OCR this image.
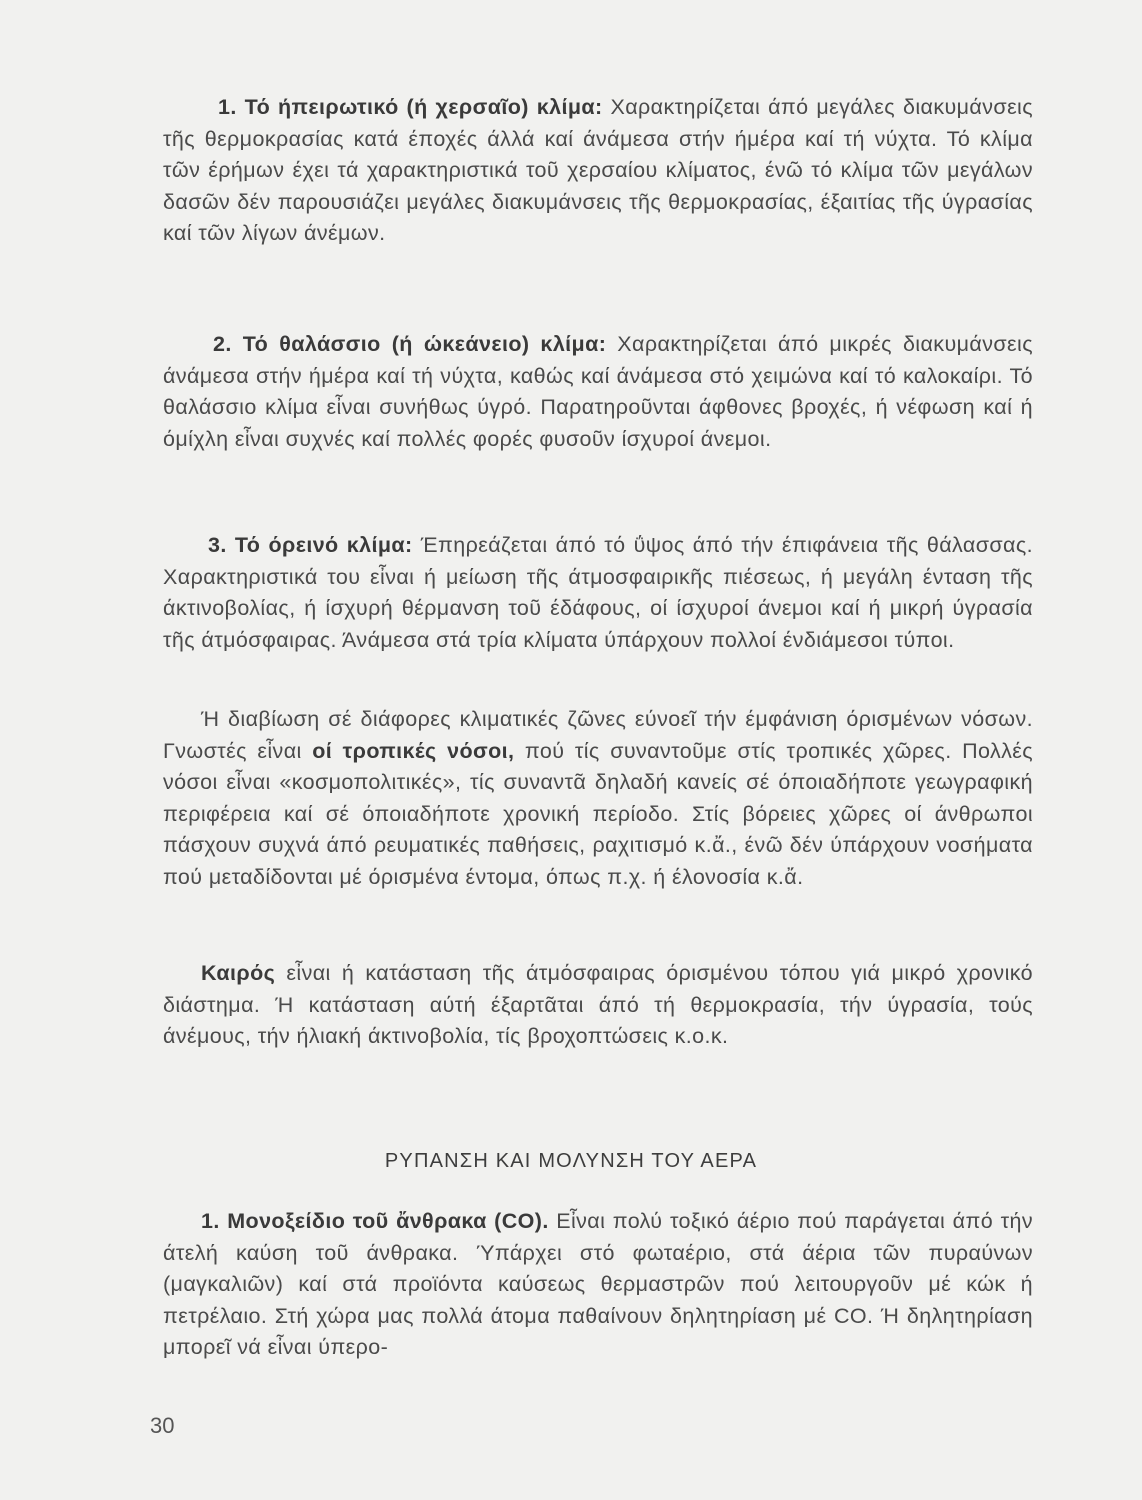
1. Τό ήπειρωτικό (ή χερσαῖο) κλίμα: Χαρακτηρίζεται άπό μεγάλες διακυμάνσεις τῆς θερμοκρασίας κατά έποχές άλλά καί άνάμεσα στήν ήμέρα καί τή νύχτα. Τό κλίμα τῶν έρήμων έχει τά χαρακτηριστικά τοῦ χερσαίου κλίματος, ένῶ τό κλίμα τῶν μεγάλων δασῶν δέν παρουσιάζει μεγάλες διακυμάνσεις τῆς θερμοκρασίας, έξαιτίας τῆς ύγρασίας καί τῶν λίγων άνέμων.

2. Τό θαλάσσιο (ή ώκεάνειο) κλίμα: Χαρακτηρίζεται άπό μικρές διακυμάνσεις άνάμεσα στήν ήμέρα καί τή νύχτα, καθώς καί άνάμεσα στό χειμώνα καί τό καλοκαίρι. Τό θαλάσσιο κλίμα εἶναι συνήθως ύγρό. Παρατηροῦνται άφθονες βροχές, ή νέφωση καί ή όμίχλη εἶναι συχνές καί πολλές φορές φυσοῦν ίσχυροί άνεμοι.

3. Τό όρεινό κλίμα: Έπηρεάζεται άπό τό ΰψος άπό τήν έπιφάνεια τῆς θάλασσας. Χαρακτηριστικά του εἶναι ή μείωση τῆς άτμοσφαιρικῆς πιέσεως, ή μεγάλη ένταση τῆς άκτινοβολίας, ή ίσχυρή θέρμανση τοῦ έδάφους, οί ίσχυροί άνεμοι καί ή μικρή ύγρασία τῆς άτμόσφαιρας. Άνάμεσα στά τρία κλίματα ύπάρχουν πολλοί ένδιάμεσοι τύποι.

Ή διαβίωση σέ διάφορες κλιματικές ζῶνες εύνοεῖ τήν έμφάνιση όρισμένων νόσων. Γνωστές εἶναι οί τροπικές νόσοι, πού τίς συναντοῦμε στίς τροπικές χῶρες. Πολλές νόσοι εἶναι «κοσμοπολιτικές», τίς συναντᾶ δηλαδή κανείς σέ όποιαδήποτε γεωγραφική περιφέρεια καί σέ όποιαδήποτε χρονική περίοδο. Στίς βόρειες χῶρες οί άνθρωποι πάσχουν συχνά άπό ρευματικές παθήσεις, ραχιτισμό κ.ἄ., ένῶ δέν ύπάρχουν νοσήματα πού μεταδίδονται μέ όρισμένα έντομα, όπως π.χ. ή έλονοσία κ.ἄ.

Καιρός εἶναι ή κατάσταση τῆς άτμόσφαιρας όρισμένου τόπου γιά μικρό χρονικό διάστημα. Ή κατάσταση αύτή έξαρτᾶται άπό τή θερμοκρασία, τήν ύγρασία, τούς άνέμους, τήν ήλιακή άκτινοβολία, τίς βροχοπτώσεις κ.ο.κ.

ΡΥΠΑΝΣΗ ΚΑΙ ΜΟΛΥΝΣΗ ΤΟΥ ΑΕΡΑ

1. Μονοξείδιο τοῦ ἄνθρακα (CO). Εἶναι πολύ τοξικό άέριο πού παράγεται άπό τήν άτελή καύση τοῦ άνθρακα. Ύπάρχει στό φωταέριο, στά άέρια τῶν πυραύνων (μαγκαλιῶν) καί στά προϊόντα καύσεως θερμαστρῶν πού λειτουργοῦν μέ κώκ ή πετρέλαιο. Στή χώρα μας πολλά άτομα παθαίνουν δηλητηρίαση μέ CO. Ή δηλητηρίαση μπορεῖ νά εἶναι ύπερο-

30
